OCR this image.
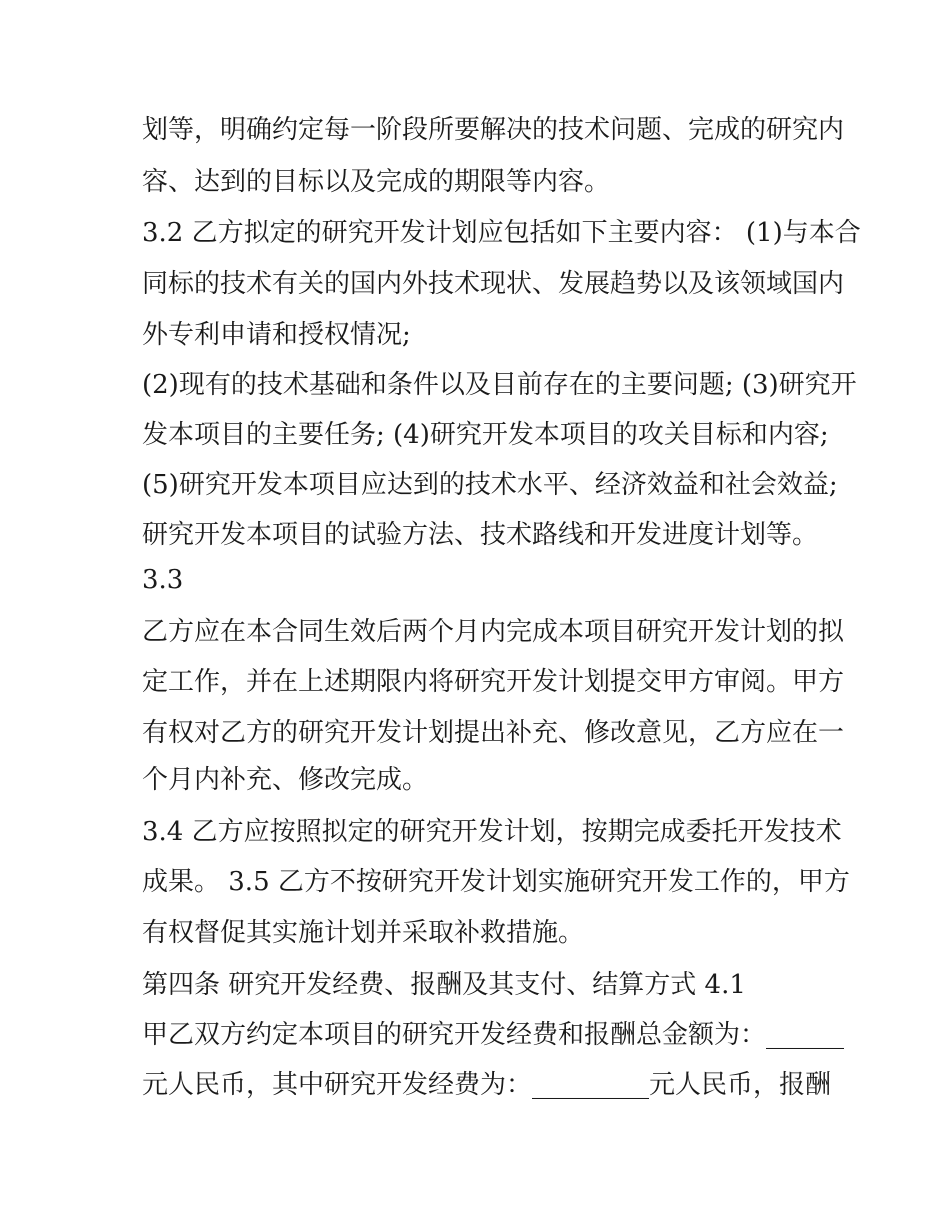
划等，明确约定每一阶段所要解决的技术问题、完成的研究内
容、达到的目标以及完成的期限等内容。
3.2 乙方拟定的研究开发计划应包括如下主要内容： (1)与本合
同标的技术有关的国内外技术现状、发展趋势以及该领域国内
外专利申请和授权情况;
(2)现有的技术基础和条件以及目前存在的主要问题; (3)研究开
发本项目的主要任务; (4)研究开发本项目的攻关目标和内容;
(5)研究开发本项目应达到的技术水平、经济效益和社会效益;
研究开发本项目的试验方法、技术路线和开发进度计划等。
3.3
乙方应在本合同生效后两个月内完成本项目研究开发计划的拟
定工作，并在上述期限内将研究开发计划提交甲方审阅。甲方
有权对乙方的研究开发计划提出补充、修改意见，乙方应在一
个月内补充、修改完成。
3.4 乙方应按照拟定的研究开发计划，按期完成委托开发技术
成果。 3.5 乙方不按研究开发计划实施研究开发工作的，甲方
有权督促其实施计划并采取补救措施。
第四条 研究开发经费、报酬及其支付、结算方式 4.1
甲乙双方约定本项目的研究开发经费和报酬总金额为：______
元人民币，其中研究开发经费为：_________元人民币，报酬
